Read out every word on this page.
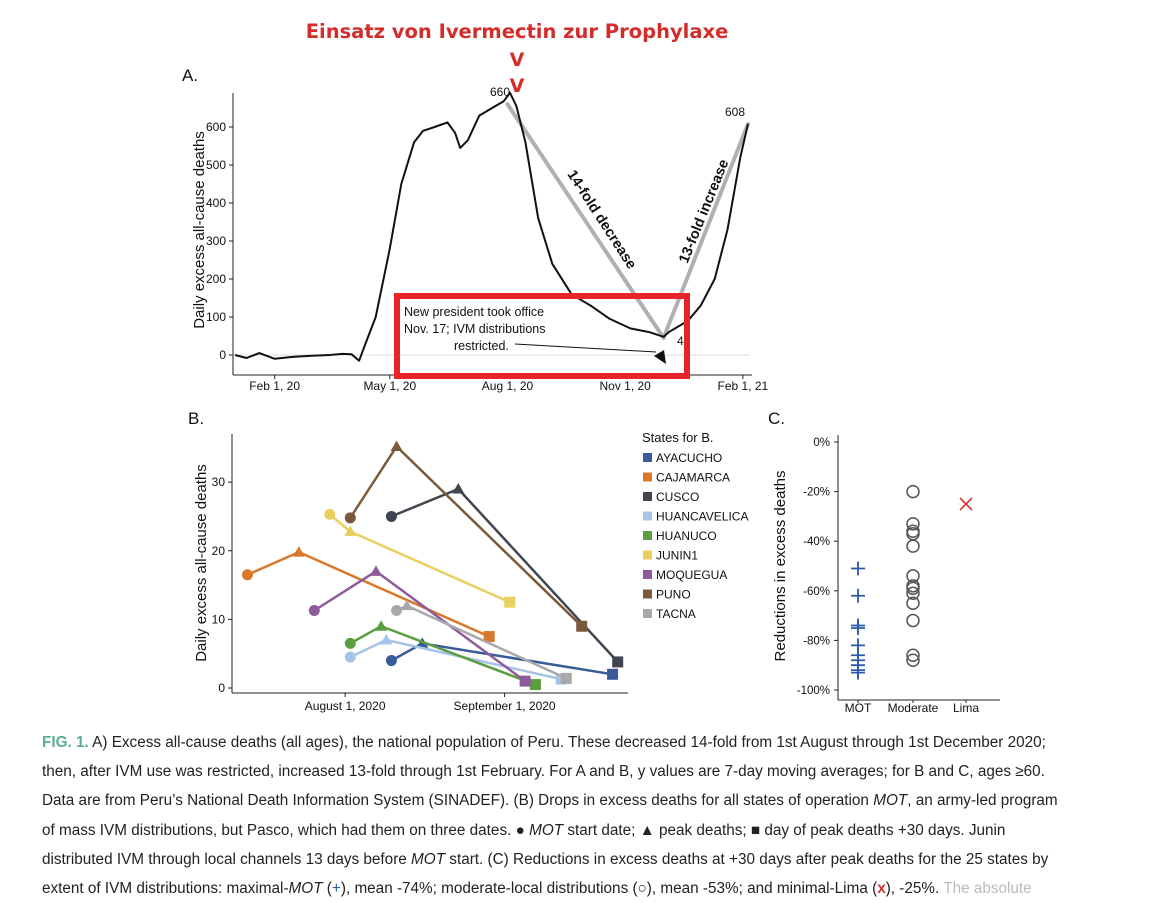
Einsatz von Ivermectin zur Prophylaxe
V
V
A.
0
100
200
300
400
500
600
Feb 1, 20	May 1, 20	Aug 1, 20	Nov 1, 20	Feb 1, 21
Daily excess all-cause deaths	14-fold decrease	13-fold increase
660
608
4
New president took office
Nov. 17; IVM distributions
restricted.
B.
0
10
20
30
August 1, 2020	September 1, 2020
Daily excess all-cause deaths
States for B.
AYACUCHO
CAJAMARCA
CUSCO
HUANCAVELICA
HUANUCO
JUNIN1
MOQUEGUA
PUNO
TACNA
C.
0%
-20%
-40%
-60%
-80%
-100%
MOT Moderate Lima
Reductions in excess deaths

FIG. 1. A) Excess all-cause deaths (all ages), the national population of Peru. These decreased 14-fold from 1st August through 1st December 2020;

then, after IVM use was restricted, increased 13-fold through 1st February. For A and B, y values are 7-day moving averages; for B and C, ages ≥60.

Data are from Peru’s National Death Information System (SINADEF). (B) Drops in excess deaths for all states of operation MOT, an army-led program

of mass IVM distributions, but Pasco, which had them on three dates. ● MOT start date; ▲ peak deaths; ■ day of peak deaths +30 days. Junin

distributed IVM through local channels 13 days before MOT start. (C) Reductions in excess deaths at +30 days after peak deaths for the 25 states by

extent of IVM distributions: maximal-MOT (+), mean -74%; moderate-local distributions (○), mean -53%; and minimal-Lima (x), -25%. The absolute
